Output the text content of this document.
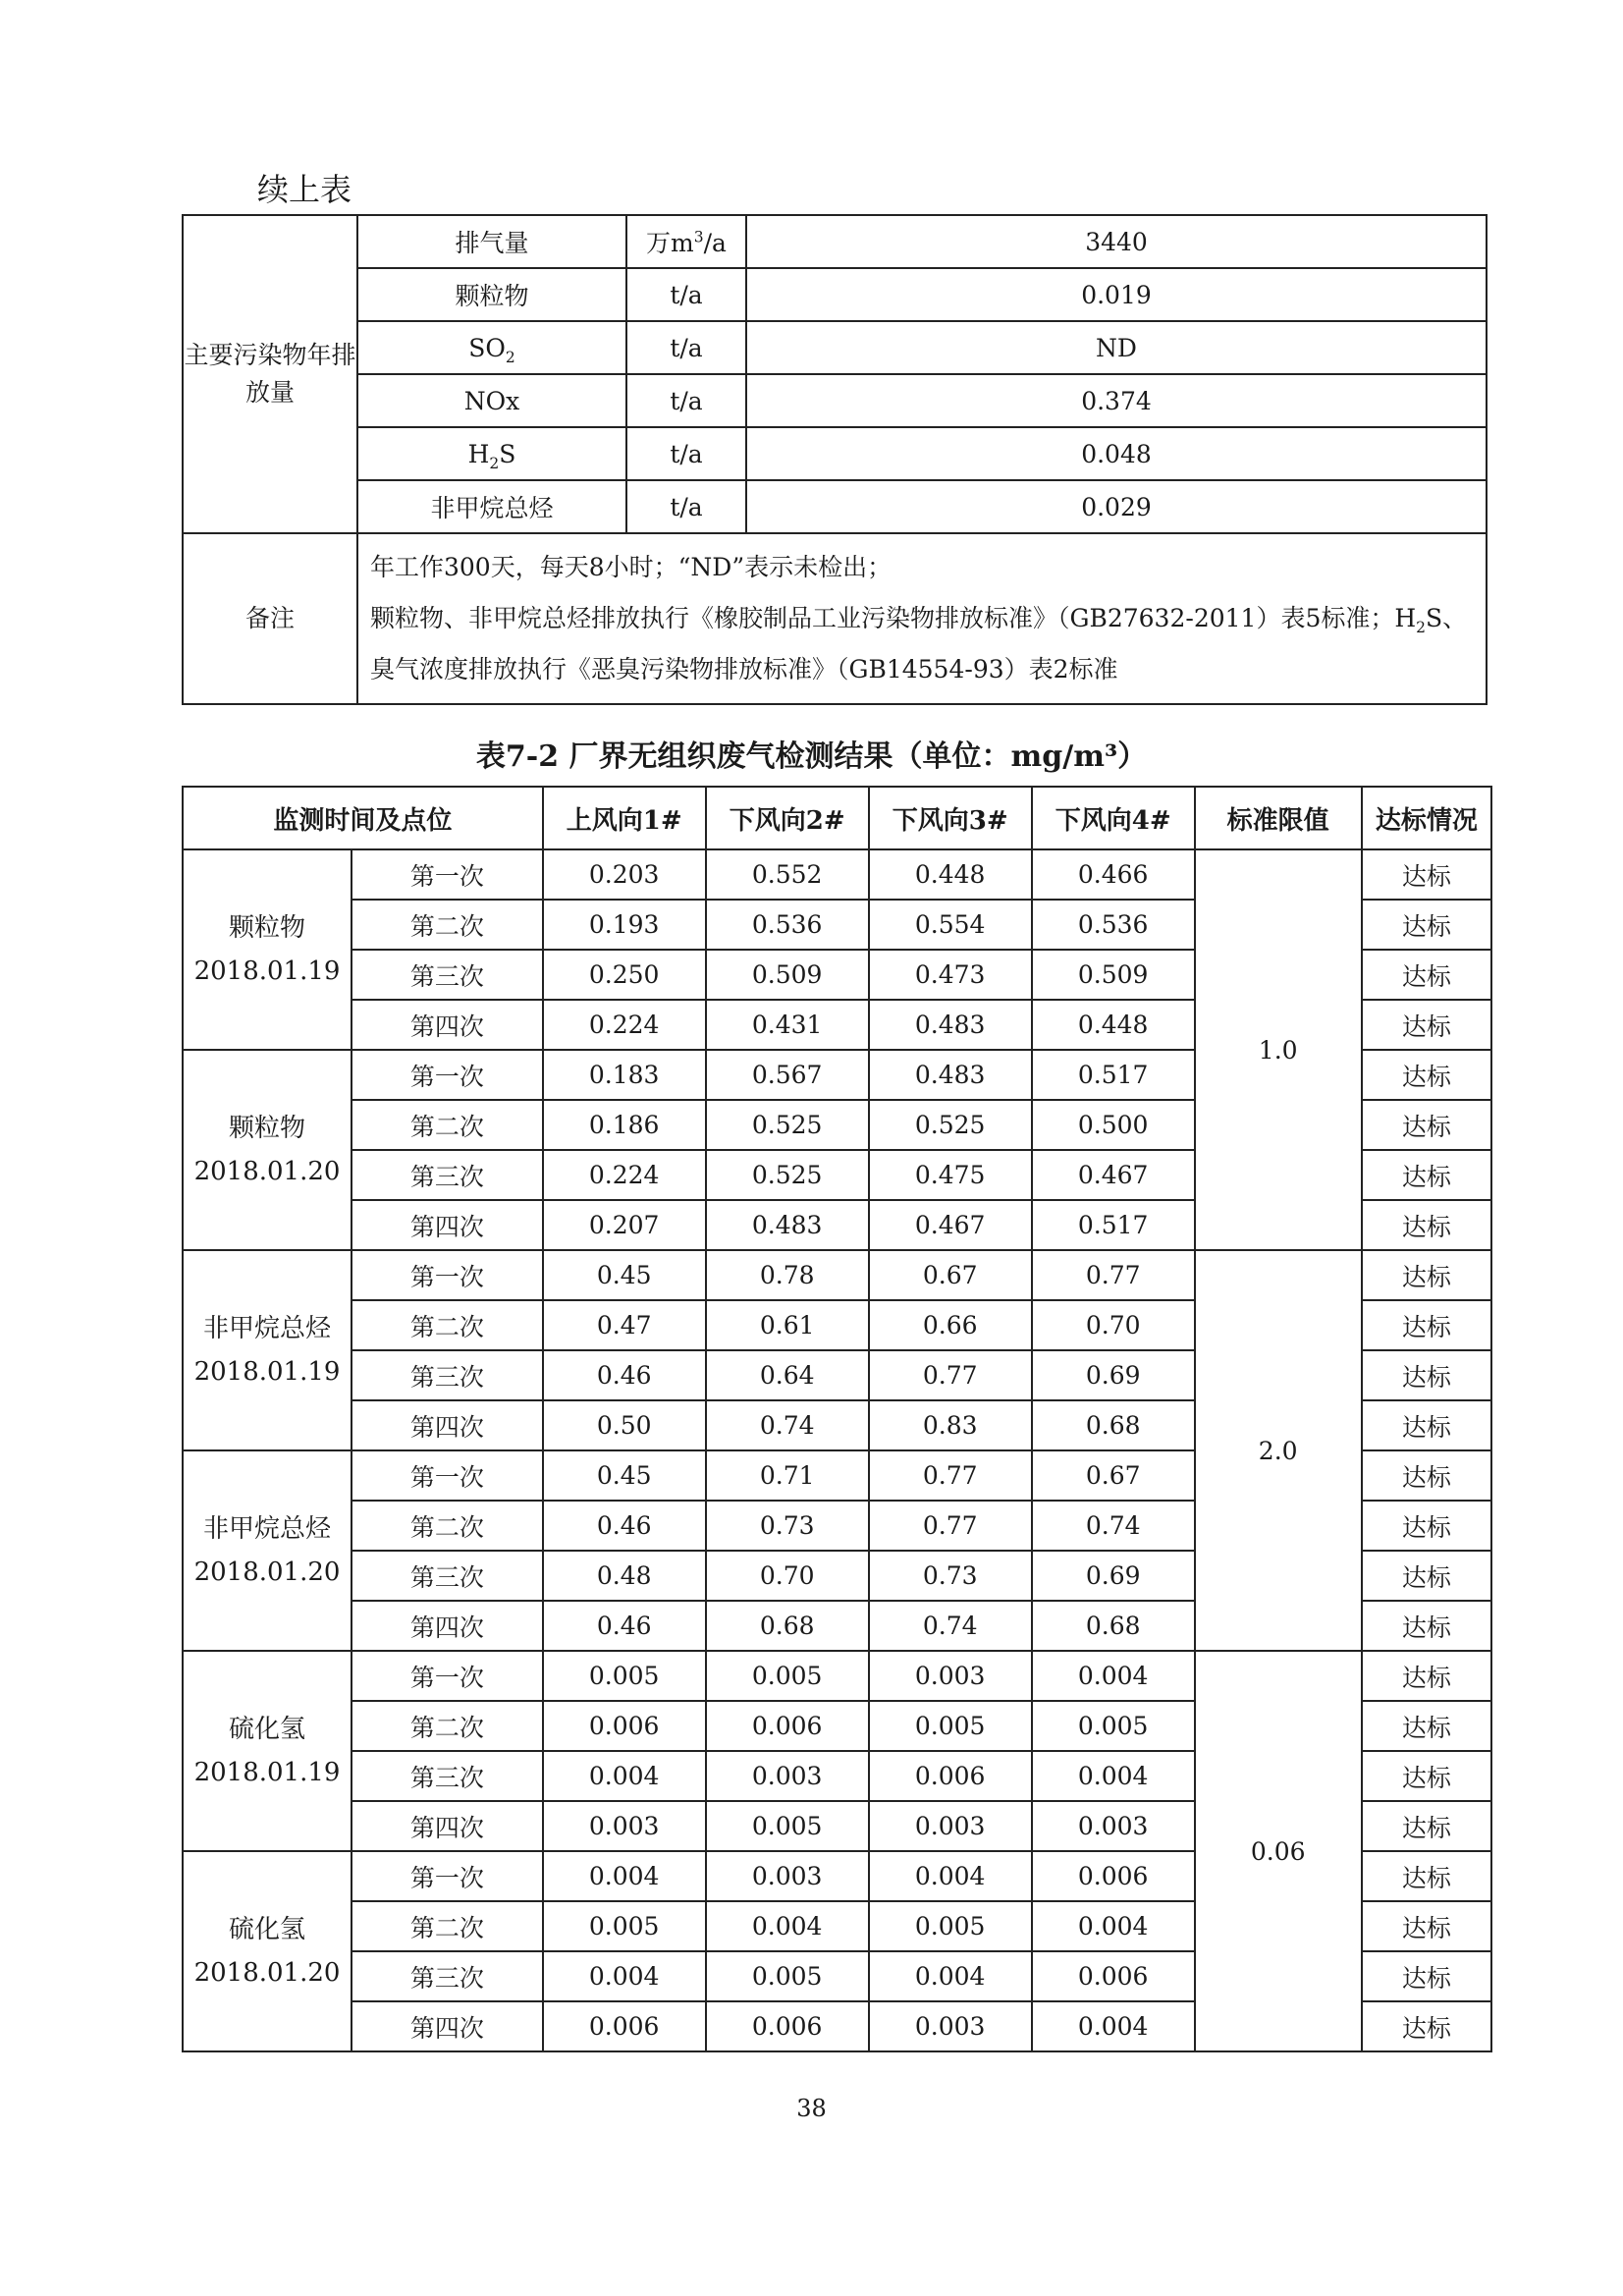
续上表
主要污染物年排放量	排气量	万$m^3/a$	3440
	颗粒物	t/a	0.019
	$SO_2$	t/a	ND
	NOx	t/a	0.374
	$H_2S$	t/a	0.048
	非甲烷总烃	t/a	0.029
备注	年工作300天，每天8小时；“ND”表示未检出；
颗粒物、非甲烷总烃排放执行《橡胶制品工业污染物排放标准》（GB27632-2011）表5标准；$H_2S$、臭气浓度排放执行《恶臭污染物排放标准》（GB14554-93）表2标准		
表7-2 厂界无组织废气检测结果（单位：mg/m³）
监测时间及点位		上风向1#	下风向2#	下风向3#	下风向4#	标准限值	达标情况

颗粒物
2018.01.19	第一次	0.203	0.552	0.448	0.466	1.0	达标
	第二次	0.193	0.536	0.554	0.536		达标
	第三次	0.250	0.509	0.473	0.509		达标
	第四次	0.224	0.431	0.483	0.448		达标

颗粒物
2018.01.20	第一次	0.183	0.567	0.483	0.517		达标
	第二次	0.186	0.525	0.525	0.500		达标
	第三次	0.224	0.525	0.475	0.467		达标
	第四次	0.207	0.483	0.467	0.517		达标

非甲烷总烃
2018.01.19	第一次	0.45	0.78	0.67	0.77	2.0	达标
	第二次	0.47	0.61	0.66	0.70		达标
	第三次	0.46	0.64	0.77	0.69		达标
	第四次	0.50	0.74	0.83	0.68		达标

非甲烷总烃
2018.01.20	第一次	0.45	0.71	0.77	0.67		达标
	第二次	0.46	0.73	0.77	0.74		达标
	第三次	0.48	0.70	0.73	0.69		达标
	第四次	0.46	0.68	0.74	0.68		达标

硫化氢
2018.01.19	第一次	0.005	0.005	0.003	0.004	0.06	达标
	第二次	0.006	0.006	0.005	0.005		达标
	第三次	0.004	0.003	0.006	0.004		达标
	第四次	0.003	0.005	0.003	0.003		达标

硫化氢
2018.01.20	第一次	0.004	0.003	0.004	0.006		达标
	第二次	0.005	0.004	0.005	0.004		达标
	第三次	0.004	0.005	0.004	0.006		达标
	第四次	0.006	0.006	0.003	0.004		达标
38
